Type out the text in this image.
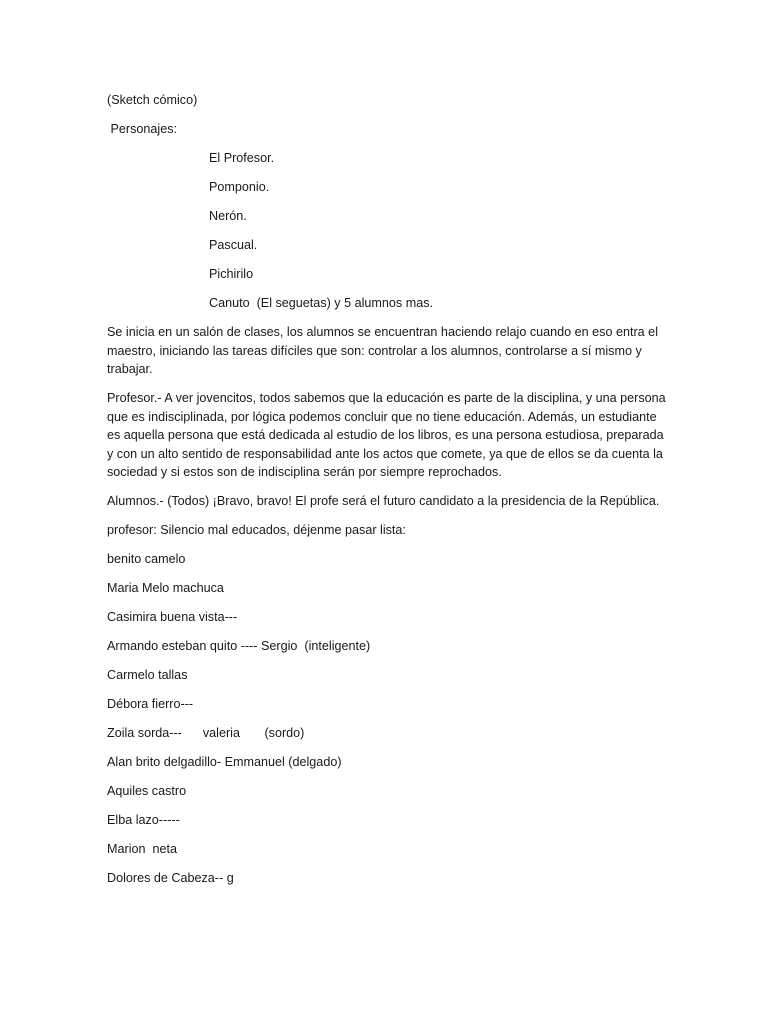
(Sketch cómico)
Personajes:
El Profesor.
Pomponio.
Nerón.
Pascual.
Pichirilo
Canuto  (El seguetas) y 5 alumnos mas.
Se inicia en un salón de clases, los alumnos se encuentran haciendo relajo cuando en eso entra el maestro, iniciando las tareas difíciles que son: controlar a los alumnos, controlarse a sí mismo y trabajar.
Profesor.- A ver jovencitos, todos sabemos que la educación es parte de la disciplina, y una persona que es indisciplinada, por lógica podemos concluir que no tiene educación. Además, un estudiante es aquella persona que está dedicada al estudio de los libros, es una persona estudiosa, preparada y con un alto sentido de responsabilidad ante los actos que comete, ya que de ellos se da cuenta la sociedad y si estos son de indisciplina serán por siempre reprochados.
Alumnos.- (Todos) ¡Bravo, bravo! El profe será el futuro candidato a la presidencia de la República.
profesor: Silencio mal educados, déjenme pasar lista:
benito camelo
Maria Melo machuca
Casimira buena vista---
Armando esteban quito ---- Sergio  (inteligente)
Carmelo tallas
Débora fierro---
Zoila sorda---      valeria       (sordo)
Alan brito delgadillo- Emmanuel (delgado)
Aquiles castro
Elba lazo-----
Marion  neta
Dolores de Cabeza-- g
